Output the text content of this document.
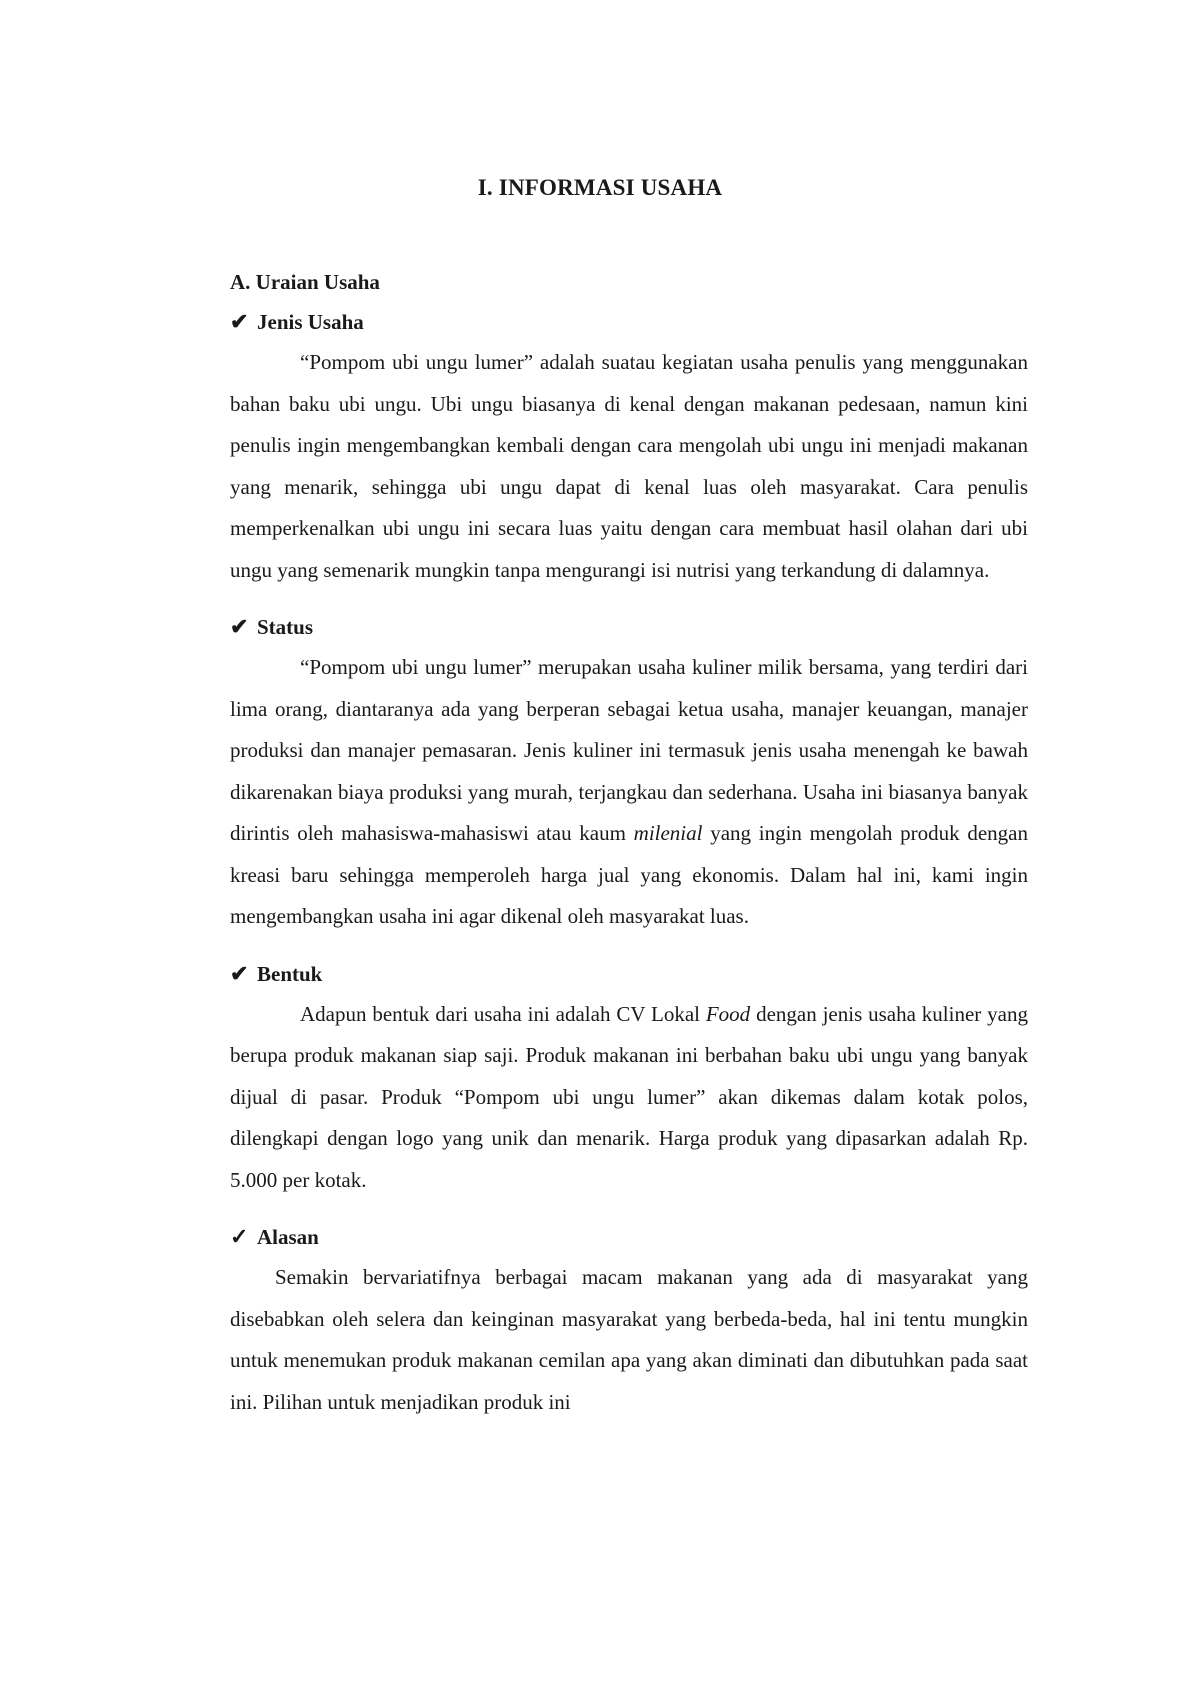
I. INFORMASI USAHA
A. Uraian Usaha
✔ Jenis Usaha

“Pompom ubi ungu lumer” adalah suatau kegiatan usaha penulis yang menggunakan bahan baku ubi ungu. Ubi ungu biasanya di kenal dengan makanan pedesaan, namun kini penulis ingin mengembangkan kembali dengan cara mengolah ubi ungu ini menjadi makanan yang menarik, sehingga ubi ungu dapat di kenal luas oleh masyarakat. Cara penulis memperkenalkan ubi ungu ini secara luas yaitu dengan cara membuat hasil olahan dari ubi ungu yang semenarik mungkin tanpa mengurangi isi nutrisi yang terkandung di dalamnya.

✔ Status

“Pompom ubi ungu lumer” merupakan usaha kuliner milik bersama, yang terdiri dari lima orang, diantaranya ada yang berperan sebagai ketua usaha, manajer keuangan, manajer produksi dan manajer pemasaran. Jenis kuliner ini termasuk jenis usaha menengah ke bawah dikarenakan biaya produksi yang murah, terjangkau dan sederhana. Usaha ini biasanya banyak dirintis oleh mahasiswa-mahasiswi atau kaum milenial yang ingin mengolah produk dengan kreasi baru sehingga memperoleh harga jual yang ekonomis. Dalam hal ini, kami ingin mengembangkan usaha ini agar dikenal oleh masyarakat luas.

✔ Bentuk

Adapun bentuk dari usaha ini adalah CV Lokal Food dengan jenis usaha kuliner yang berupa produk makanan siap saji. Produk makanan ini berbahan baku ubi ungu yang banyak dijual di pasar. Produk “Pompom ubi ungu lumer” akan dikemas dalam kotak polos, dilengkapi dengan logo yang unik dan menarik. Harga produk yang dipasarkan adalah Rp. 5.000 per kotak.

✓ Alasan

Semakin bervariatifnya berbagai macam makanan yang ada di masyarakat yang disebabkan oleh selera dan keinginan masyarakat yang berbeda-beda, hal ini tentu mungkin untuk menemukan produk makanan cemilan apa yang akan diminati dan dibutuhkan pada saat ini. Pilihan untuk menjadikan produk ini
